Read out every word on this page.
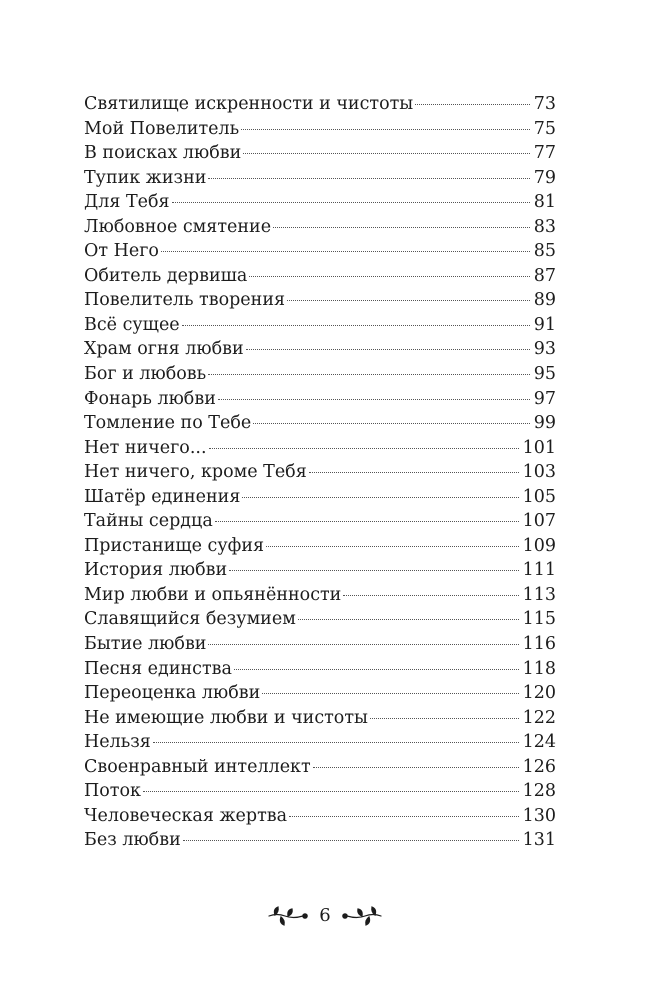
Святилище искренности и чистоты	73
Мой Повелитель	75
В поисках любви	77
Тупик жизни	79
Для Тебя	81
Любовное смятение	83
От Него	85
Обитель дервиша	87
Повелитель творения	89
Всё сущее	91
Храм огня любви	93
Бог и любовь	95
Фонарь любви	97
Томление по Тебе	99
Нет ничего...	101
Нет ничего, кроме Тебя	103
Шатёр единения	105
Тайны сердца	107
Пристанище суфия	109
История любви	111
Мир любви и опьянённости	113
Славящийся безумием	115
Бытие любви	116
Песня единства	118
Переоценка любви	120
Не имеющие любви и чистоты	122
Нельзя	124
Своенравный интеллект	126
Поток	128
Человеческая жертва	130
Без любви	131
6
